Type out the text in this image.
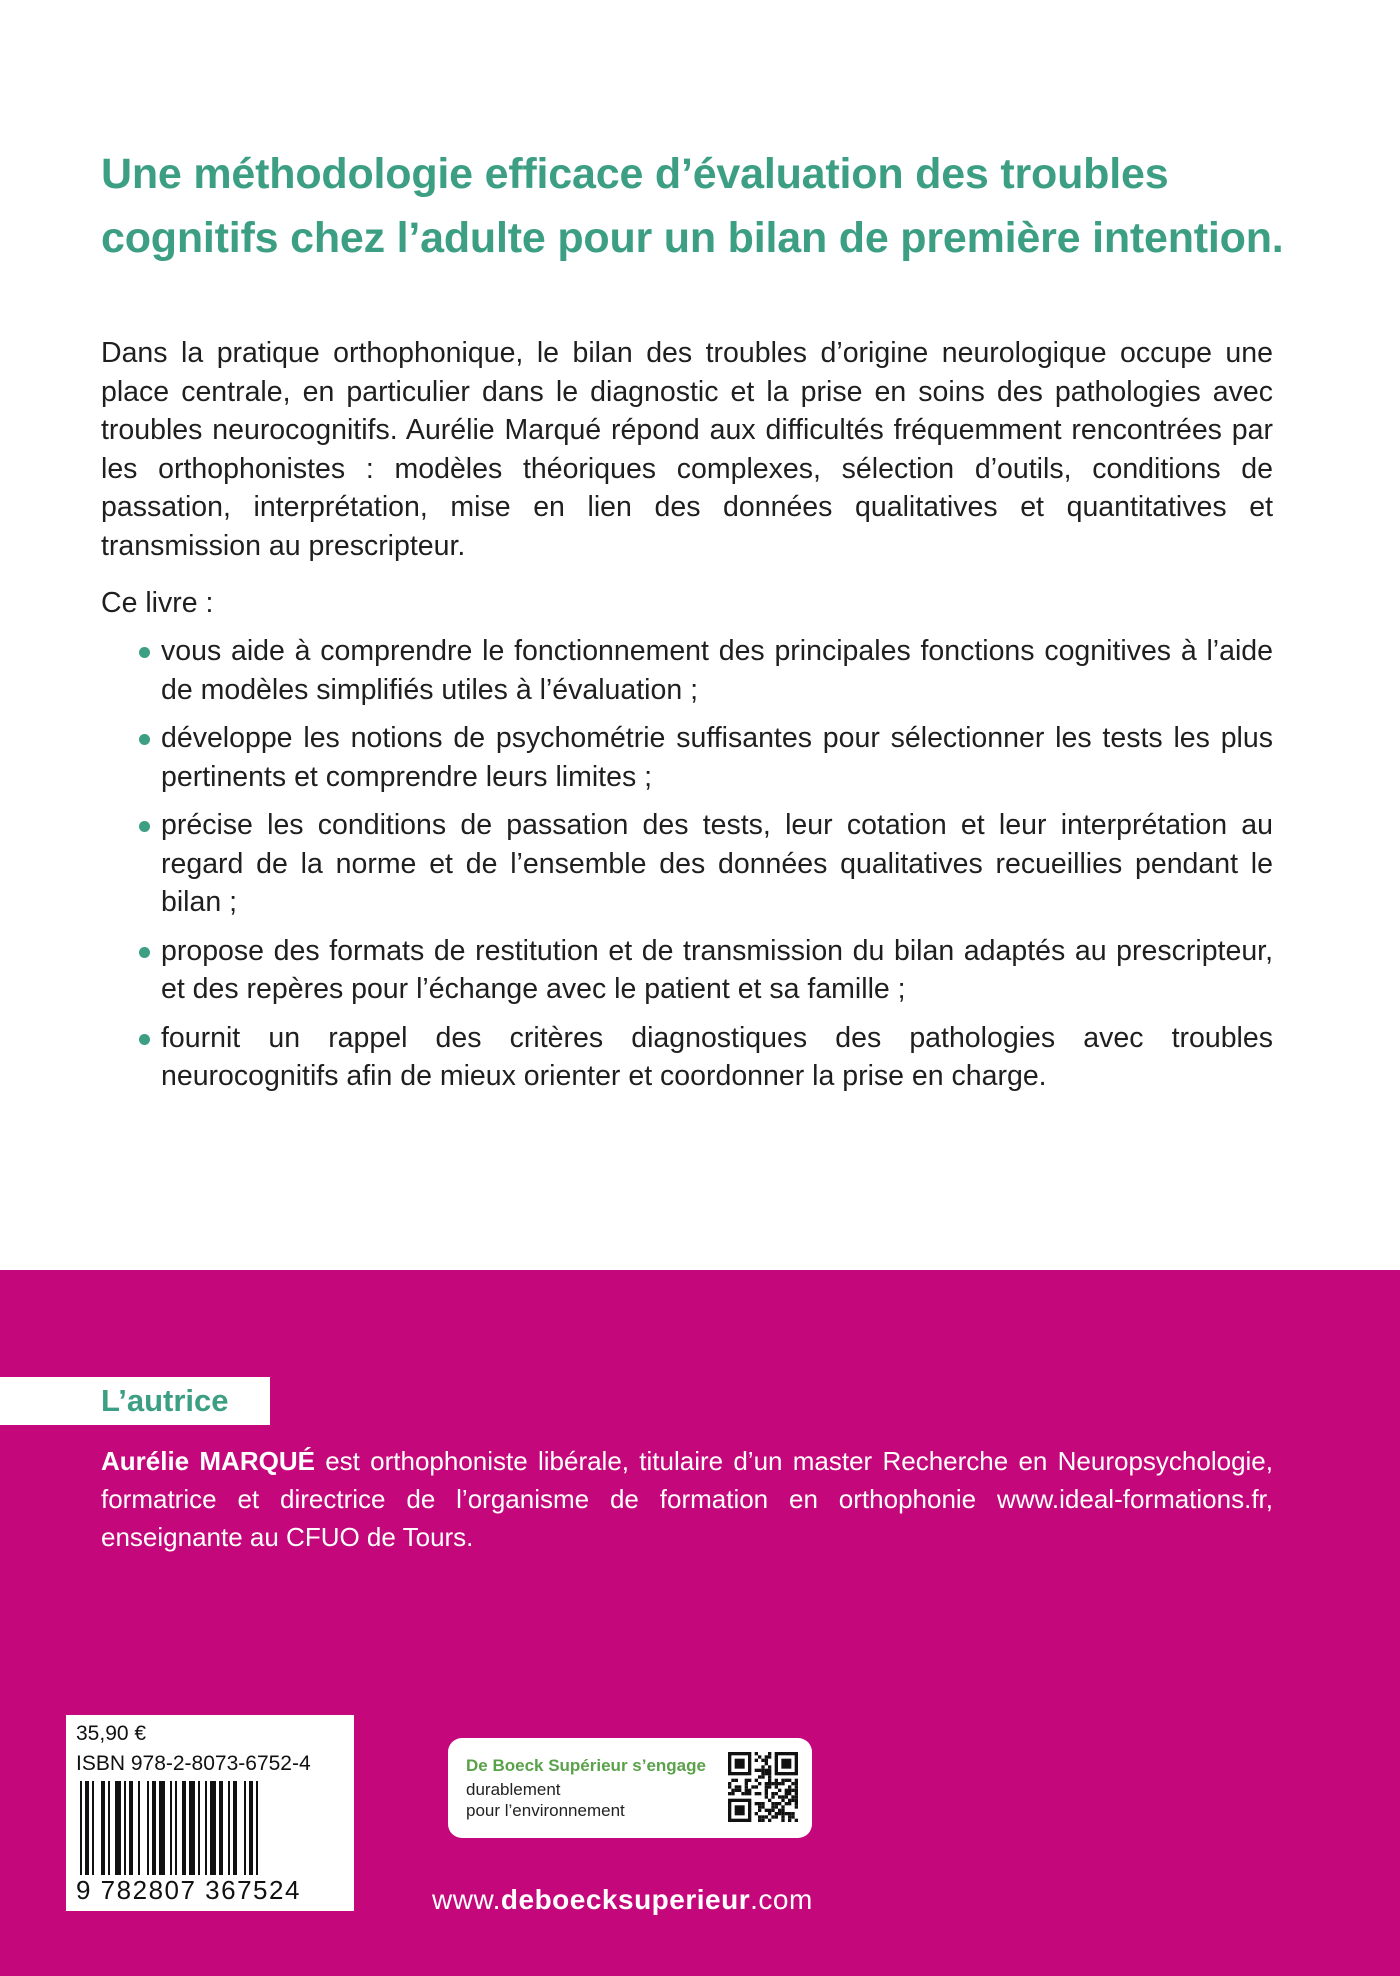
Une méthodologie efficace d’évaluation des troubles cognitifs chez l’adulte pour un bilan de première intention.

Dans la pratique orthophonique, le bilan des troubles d’origine neurologique occupe une place centrale, en particulier dans le diagnostic et la prise en soins des pathologies avec troubles neurocognitifs. Aurélie Marqué répond aux difficultés fréquemment rencontrées par les orthophonistes : modèles théoriques complexes, sélection d’outils, conditions de passation, interprétation, mise en lien des données qualitatives et quantitatives et transmission au prescripteur.

Ce livre :

vous aide à comprendre le fonctionnement des principales fonctions cognitives à l’aide de modèles simplifiés utiles à l’évaluation ;
développe les notions de psychométrie suffisantes pour sélectionner les tests les plus pertinents et comprendre leurs limites ;
précise les conditions de passation des tests, leur cotation et leur interprétation au regard de la norme et de l’ensemble des données qualitatives recueillies pendant le bilan ;
propose des formats de restitution et de transmission du bilan adaptés au prescripteur, et des repères pour l’échange avec le patient et sa famille ;
fournit un rappel des critères diagnostiques des pathologies avec troubles neurocognitifs afin de mieux orienter et coordonner la prise en charge.
L’autrice

Aurélie MARQUÉ est orthophoniste libérale, titulaire d’un master Recherche en Neuropsychologie, formatrice et directrice de l’organisme de formation en orthophonie www.ideal-formations.fr, enseignante au CFUO de Tours.

35,90 €
ISBN 978-2-8073-6752-4
9 782807 367524
De Boeck Supérieur s’engage
durablement
pour l’environnement
www.deboecksuperieur.com
